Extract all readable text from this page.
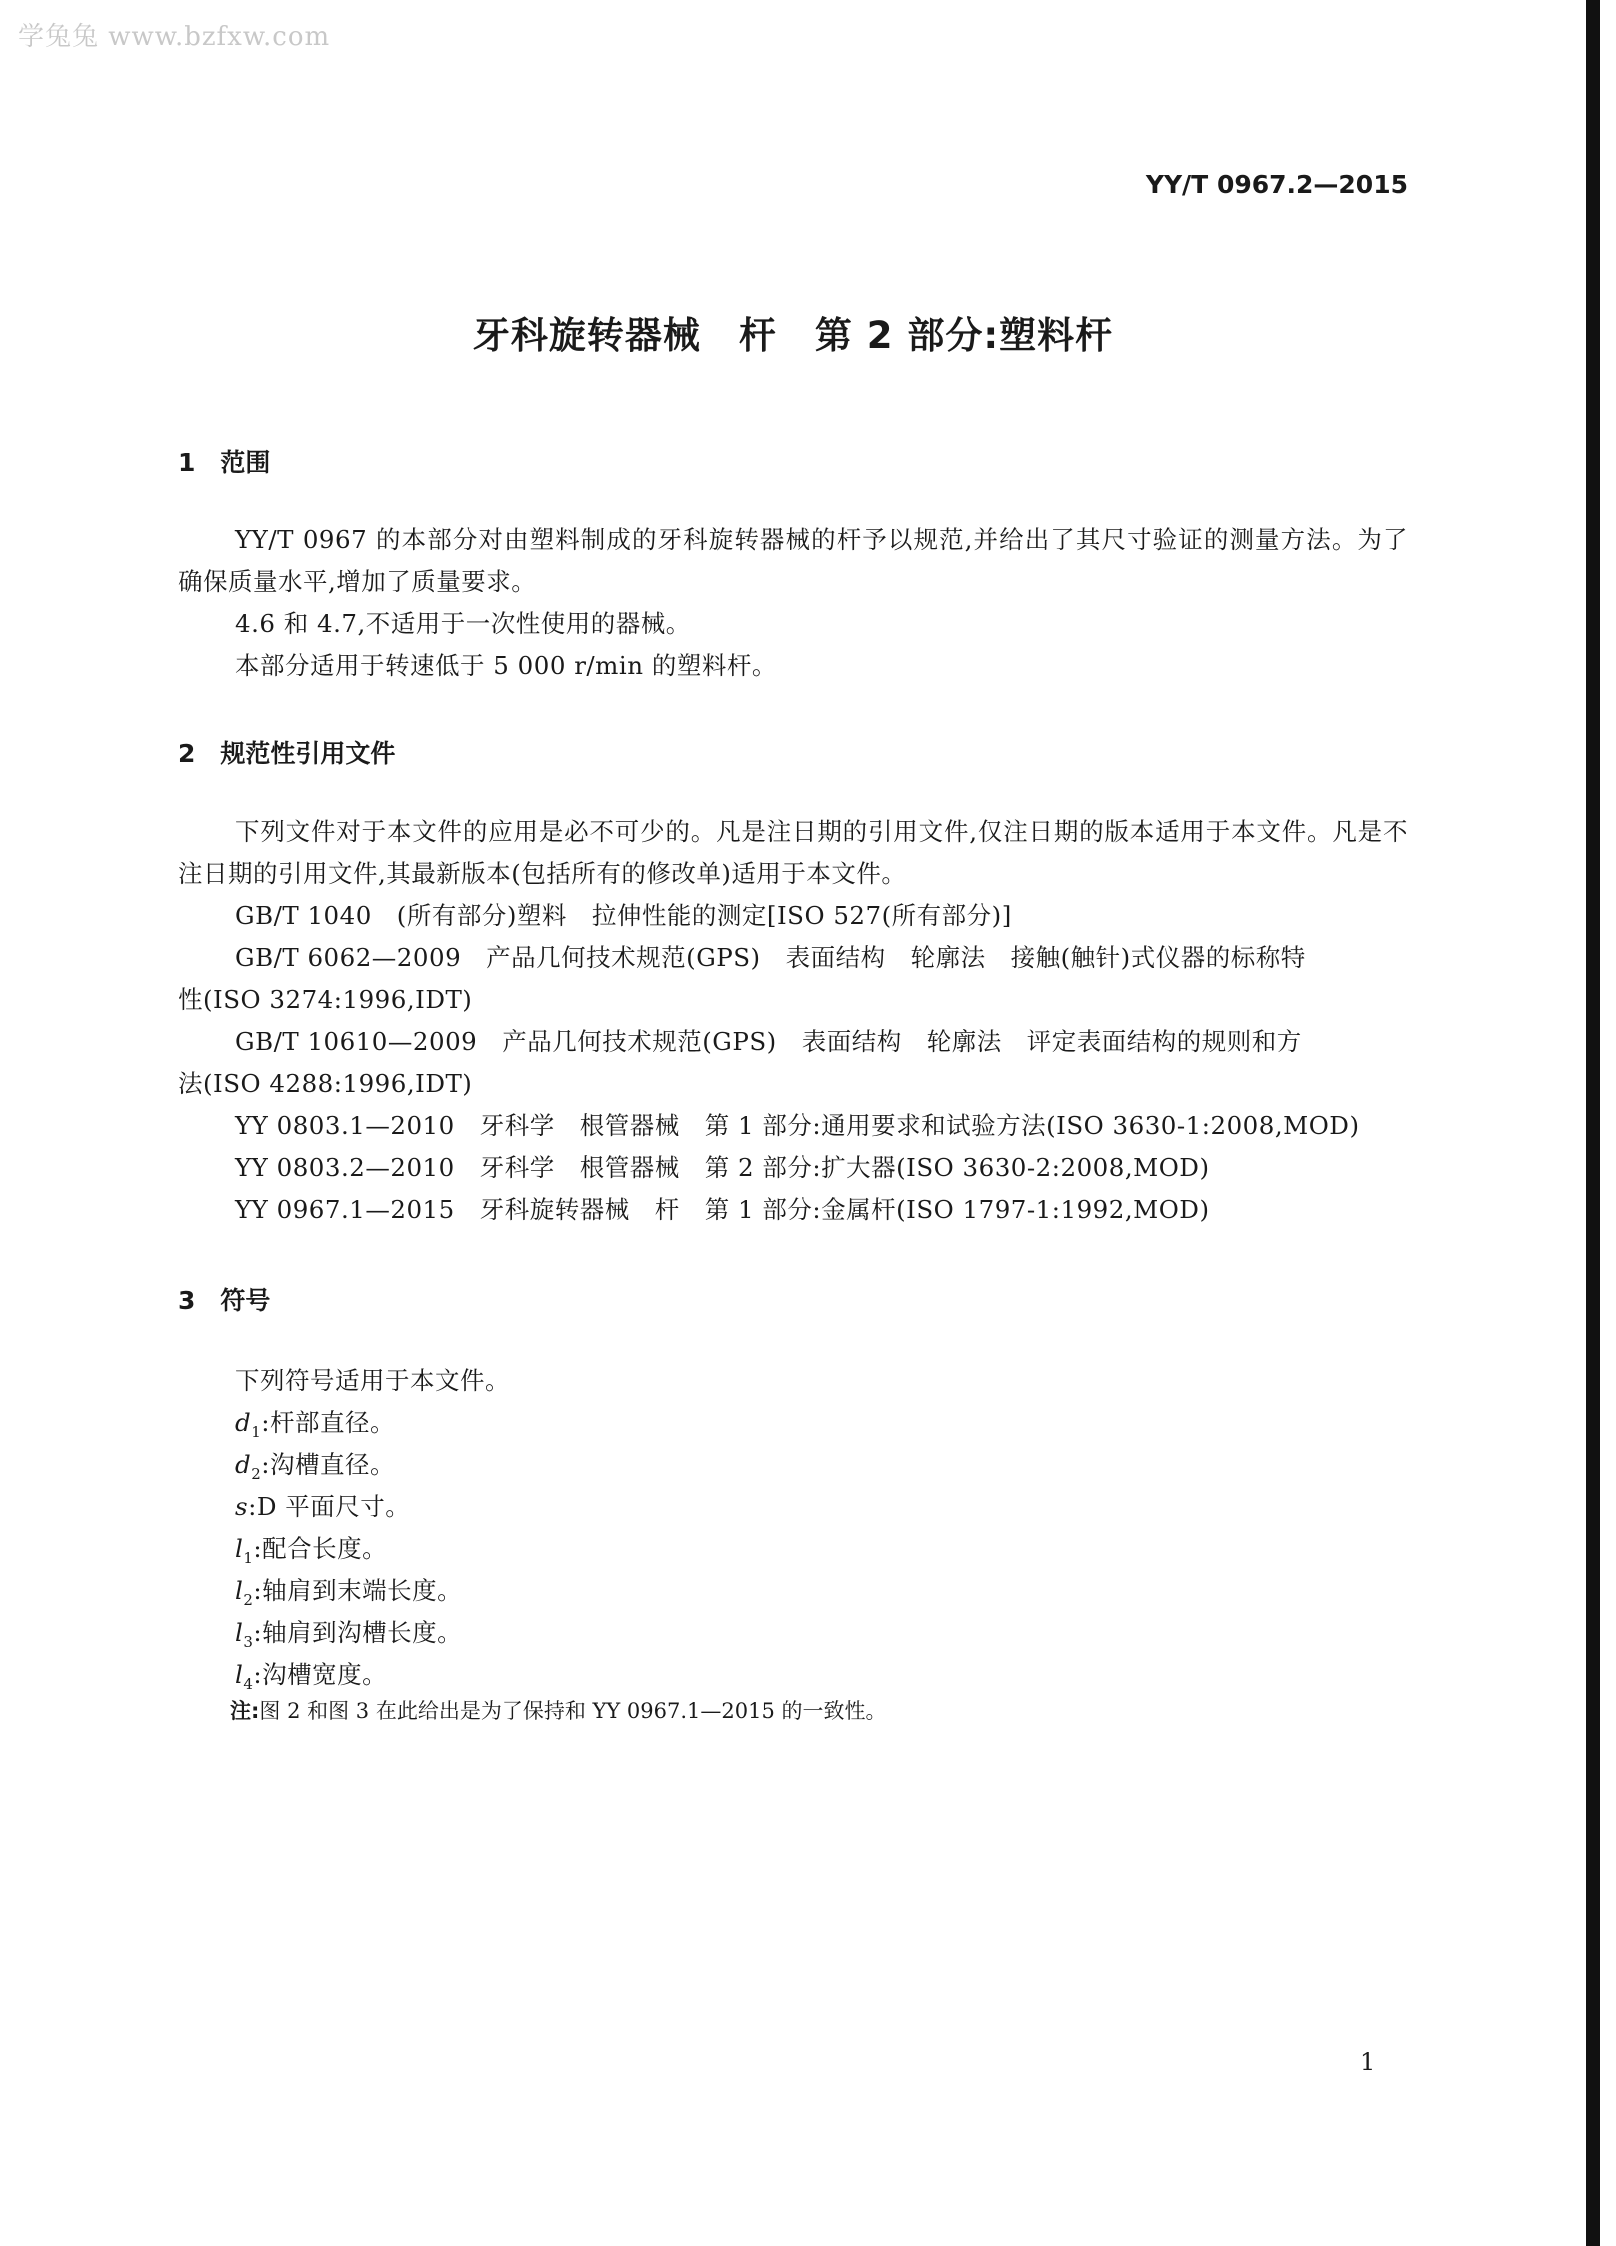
学兔兔 www.bzfxw.com
YY/T 0967.2—2015
牙科旋转器械　杆　第 2 部分:塑料杆
1　 范围
YY/T 0967 的本部分对由塑料制成的牙科旋转器械的杆予以规范,并给出了其尺寸验证的测量方法。为了确保质量水平,增加了质量要求。
4.6 和 4.7,不适用于一次性使用的器械。
本部分适用于转速低于 5 000 r/min 的塑料杆。
2　 规范性引用文件
下列文件对于本文件的应用是必不可少的。凡是注日期的引用文件,仅注日期的版本适用于本文件。凡是不注日期的引用文件,其最新版本(包括所有的修改单)适用于本文件。
GB/T 1040　(所有部分)塑料　拉伸性能的测定[ISO 527(所有部分)]
GB/T 6062—2009　产品几何技术规范(GPS)　表面结构　轮廓法　接触(触针)式仪器的标称特
性(ISO 3274:1996,IDT)
GB/T 10610—2009　产品几何技术规范(GPS)　表面结构　轮廓法　评定表面结构的规则和方
法(ISO 4288:1996,IDT)
YY 0803.1—2010　牙科学　根管器械　第 1 部分:通用要求和试验方法(ISO 3630-1:2008,MOD)
YY 0803.2—2010　牙科学　根管器械　第 2 部分:扩大器(ISO 3630-2:2008,MOD)
YY 0967.1—2015　牙科旋转器械　杆　第 1 部分:金属杆(ISO 1797-1:1992,MOD)
3　 符号
下列符号适用于本文件。
$d_1$:杆部直径。
$d_2$:沟槽直径。
s:D 平面尺寸。
$l_1$:配合长度。
$l_2$:轴肩到末端长度。
$l_3$:轴肩到沟槽长度。
$l_4$:沟槽宽度。
注:图 2 和图 3 在此给出是为了保持和 YY 0967.1—2015 的一致性。
1
